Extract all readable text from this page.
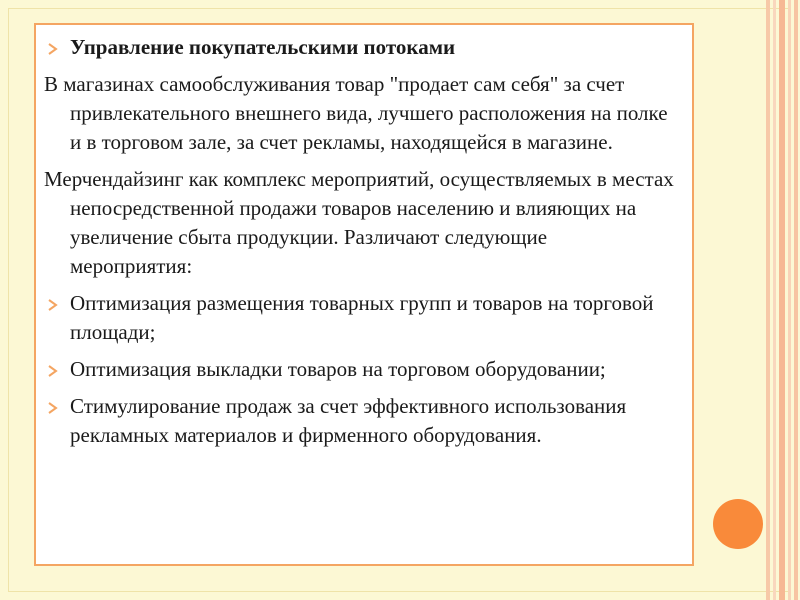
Управление покупательскими потоками

В магазинах самообслуживания товар "продает сам себя" за счет привлекательного внешнего вида, лучшего расположения на полке и в торговом зале, за счет рекламы, находящейся в магазине.

Мерчендайзинг как комплекс мероприятий, осуществляемых в местах непосредственной продажи товаров населению и влияющих на увеличение сбыта продукции. Различают следующие мероприятия:

Оптимизация размещения товарных групп и товаров на торговой площади;

Оптимизация выкладки товаров на торговом оборудовании;

Стимулирование продаж за счет эффективного использования рекламных материалов и фирменного оборудования.
